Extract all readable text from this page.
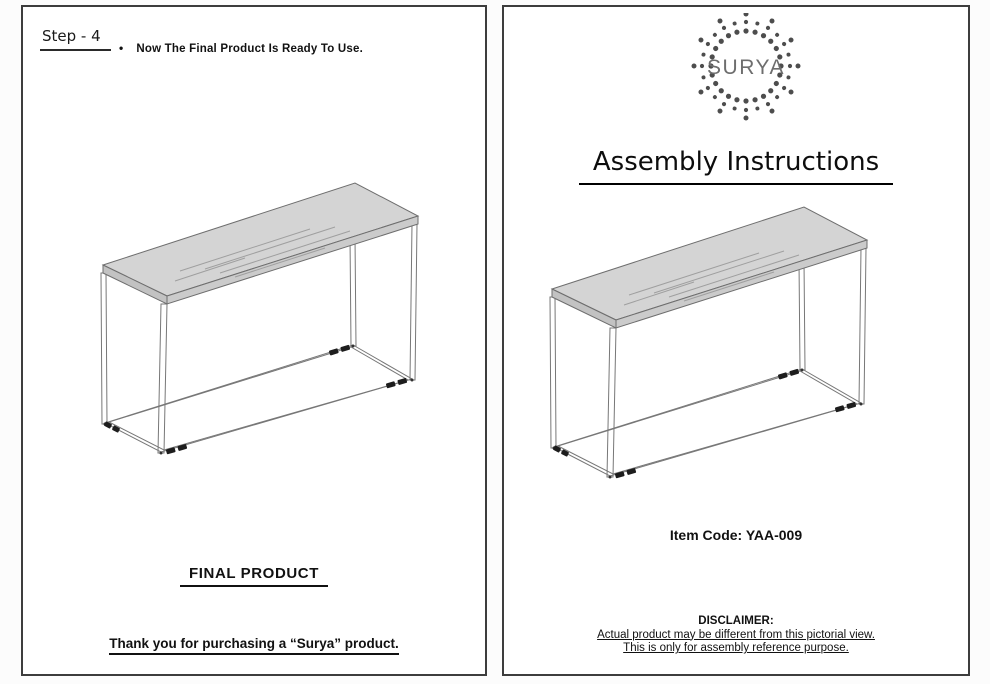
Step - 4
• Now The Final Product Is Ready To Use.
FINAL PRODUCT
Thank you for purchasing a “Surya” product.
SURYA
Assembly Instructions
Item Code: YAA-009
DISCLAIMER:
Actual product may be different from this pictorial view.
This is only for assembly reference purpose.
